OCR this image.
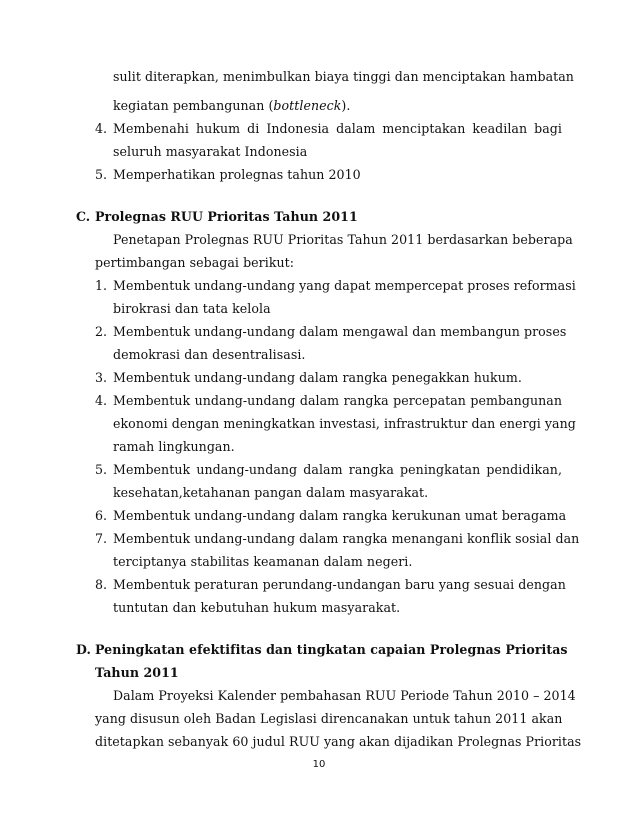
sulit diterapkan, menimbulkan biaya tinggi dan menciptakan hambatan
kegiatan pembangunan (bottleneck).
4. Membenahi hukum di Indonesia dalam menciptakan keadilan bagi
seluruh masyarakat Indonesia
5. Memperhatikan prolegnas tahun 2010
C. Prolegnas RUU Prioritas Tahun 2011
Penetapan Prolegnas RUU Prioritas Tahun 2011 berdasarkan beberapa
pertimbangan sebagai berikut:
1. Membentuk undang-undang yang dapat mempercepat proses reformasi
birokrasi dan tata kelola
2. Membentuk undang-undang dalam mengawal dan membangun proses
demokrasi dan desentralisasi.
3. Membentuk undang-undang dalam rangka penegakkan hukum.
4. Membentuk undang-undang dalam rangka percepatan pembangunan
ekonomi dengan meningkatkan investasi, infrastruktur dan energi yang
ramah lingkungan.
5. Membentuk undang-undang dalam rangka peningkatan pendidikan,
kesehatan,ketahanan pangan dalam masyarakat.
6. Membentuk undang-undang dalam rangka kerukunan umat beragama
7. Membentuk undang-undang dalam rangka menangani konflik sosial dan
terciptanya stabilitas keamanan dalam negeri.
8. Membentuk peraturan perundang-undangan baru yang sesuai dengan
tuntutan dan kebutuhan hukum masyarakat.
D. Peningkatan efektifitas dan tingkatan capaian Prolegnas Prioritas
Tahun 2011
Dalam Proyeksi Kalender pembahasan RUU Periode Tahun 2010 – 2014
yang disusun oleh Badan Legislasi direncanakan untuk tahun 2011 akan
ditetapkan sebanyak 60 judul RUU yang akan dijadikan Prolegnas Prioritas
10
